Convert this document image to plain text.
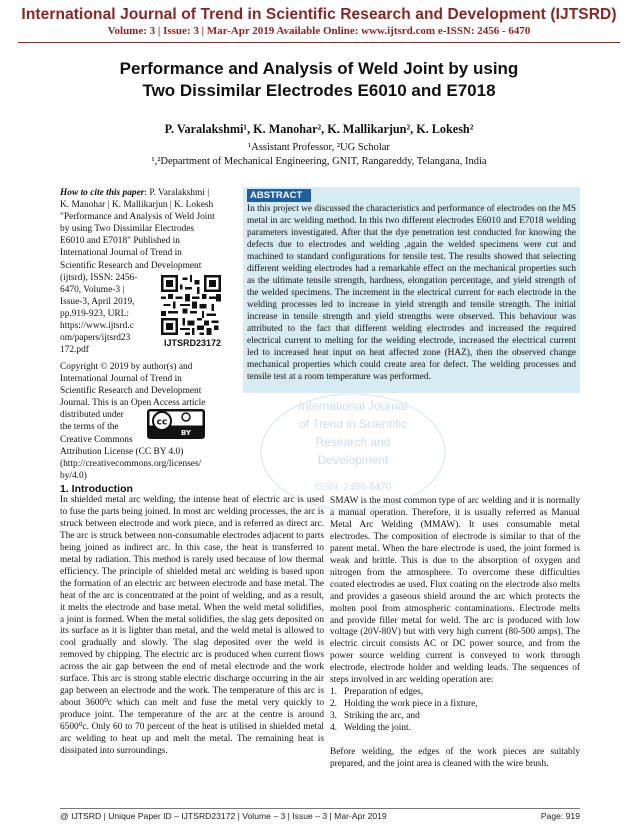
International Journal of Trend in Scientific Research and Development (IJTSRD)
Volume: 3 | Issue: 3 | Mar-Apr 2019 Available Online: www.ijtsrd.com e-ISSN: 2456 - 6470
Performance and Analysis of Weld Joint by using
Two Dissimilar Electrodes E6010 and E7018
P. Varalakshmi¹, K. Manohar², K. Mallikarjun², K. Lokesh²
¹Assistant Professor, ²UG Scholar
¹,²Department of Mechanical Engineering, GNIT, Rangareddy, Telangana, India
How to cite this paper: P. Varalakshmi |
K. Manohar | K. Mallikarjun | K. Lokesh
"Performance and Analysis of Weld Joint
by using Two Dissimilar Electrodes
E6010 and E7018" Published in
International Journal of Trend in
Scientific Research and Development
(ijtsrd), ISSN: 2456-
6470, Volume-3 |
Issue-3, April 2019,
pp.919-923, URL:
https://www.ijtsrd.c
om/papers/ijtsrd23
172.pdf
IJTSRD23172
Copyright © 2019 by author(s) and
International Journal of Trend in
Scientific Research and Development
Journal. This is an Open Access article
distributed under
the terms of the
Creative Commons
Attribution License (CC BY 4.0)
(http://creativecommons.org/licenses/
by/4.0)
cc
BY
ABSTRACT
In this project we discussed the characteristics and performance of electrodes on the MS metal in arc welding method. In this two different electrodes E6010 and E7018 welding parameters investigated. After that the dye penetration test conducted for knowing the defects due to electrodes and welding ,again the welded specimens were cut and machined to standard configurations for tensile test. The results showed that selecting different welding electrodes had a remarkable effect on the mechanical properties such as the ultimate tensile strength, hardness, elongation percentage, and yield strength of the welded specimens. The increment in the electrical current for each electrode in the welding processes led to increase in yield strength and tensile strength. The initial increase in tensile strength and yield strengths were observed. This behaviour was attributed to the fact that different welding electrodes and increased the required electrical current to melting for the welding electrode, increased the electrical current led to increased heat input on heat affected zone (HAZ), then the observed change mechanical properties which could create area for defect. The welding processes and tensile test at a room temperature was performed.
International Journal
of Trend in Scientific
Research and
Development
ISSN: 2456-6470
1. Introduction
In shielded metal arc welding, the intense heat of electric arc is used to fuse the parts being joined. In most arc welding processes, the arc is struck between electrode and work piece, and is referred as direct arc. The arc is struck between non-consumable electrodes adjacent to parts being joined as indirect arc. In this case, the heat is transferred to metal by radiation. This method is rarely used because of low thermal efficiency. The principle of shielded metal arc welding is based upon the formation of an electric arc between electrode and base metal. The heat of the arc is concentrated at the point of welding, and as a result, it melts the electrode and base metal. When the weld metal solidifies, a joint is formed. When the metal solidifies, the slag gets deposited on its surface as it is lighter than metal, and the weld metal is allowed to cool gradually and slowly. The slag deposited over the weld is removed by chipping. The electric arc is produced when current flows across the air gap between the end of metal electrode and the work surface. This arc is strong stable electric discharge occurring in the air gap between an electrode and the work. The temperature of this arc is about 3600⁰c which can melt and fuse the metal very quickly to produce joint. The temperature of the arc at the centre is around 6500⁰c. Only 60 to 70 percent of the heat is utilised in shielded metal arc welding to heat up and melt the metal. The remaining heat is dissipated into surroundings.

SMAW is the most common type of arc welding and it is normally a manual operation. Therefore, it is usually referred as Manual Metal Arc Welding (MMAW). It uses consumable metal electrodes. The composition of electrode is similar to that of the parent metal. When the bare electrode is used, the joint formed is weak and brittle. This is due to the absorption of oxygen and nitrogen from the atmosphere. To overcome these difficulties coated electrodes ae used. Flux coating on the electrode also melts and provides a gaseous shield around the arc which protects the molten pool from atmospheric contaminations. Electrode melts and provide filler metal for weld. The arc is produced with low voltage (20V-80V) but with very high current (80-500 amps). The electric circuit consists AC or DC power source, and from the power source welding current is conveyed to work through electrode, electrode holder and welding leads. The sequences of steps involved in arc welding operation are:

1. Preparation of edges,
2. Holding the work piece in a fixture,
3. Striking the arc, and
4. Welding the joint.

Before welding, the edges of the work pieces are suitably prepared, and the joint area is cleaned with the wire brush.

@ IJTSRD | Unique Paper ID – IJTSRD23172 | Volume – 3 | Issue – 3 | Mar-Apr 2019	Page: 919
